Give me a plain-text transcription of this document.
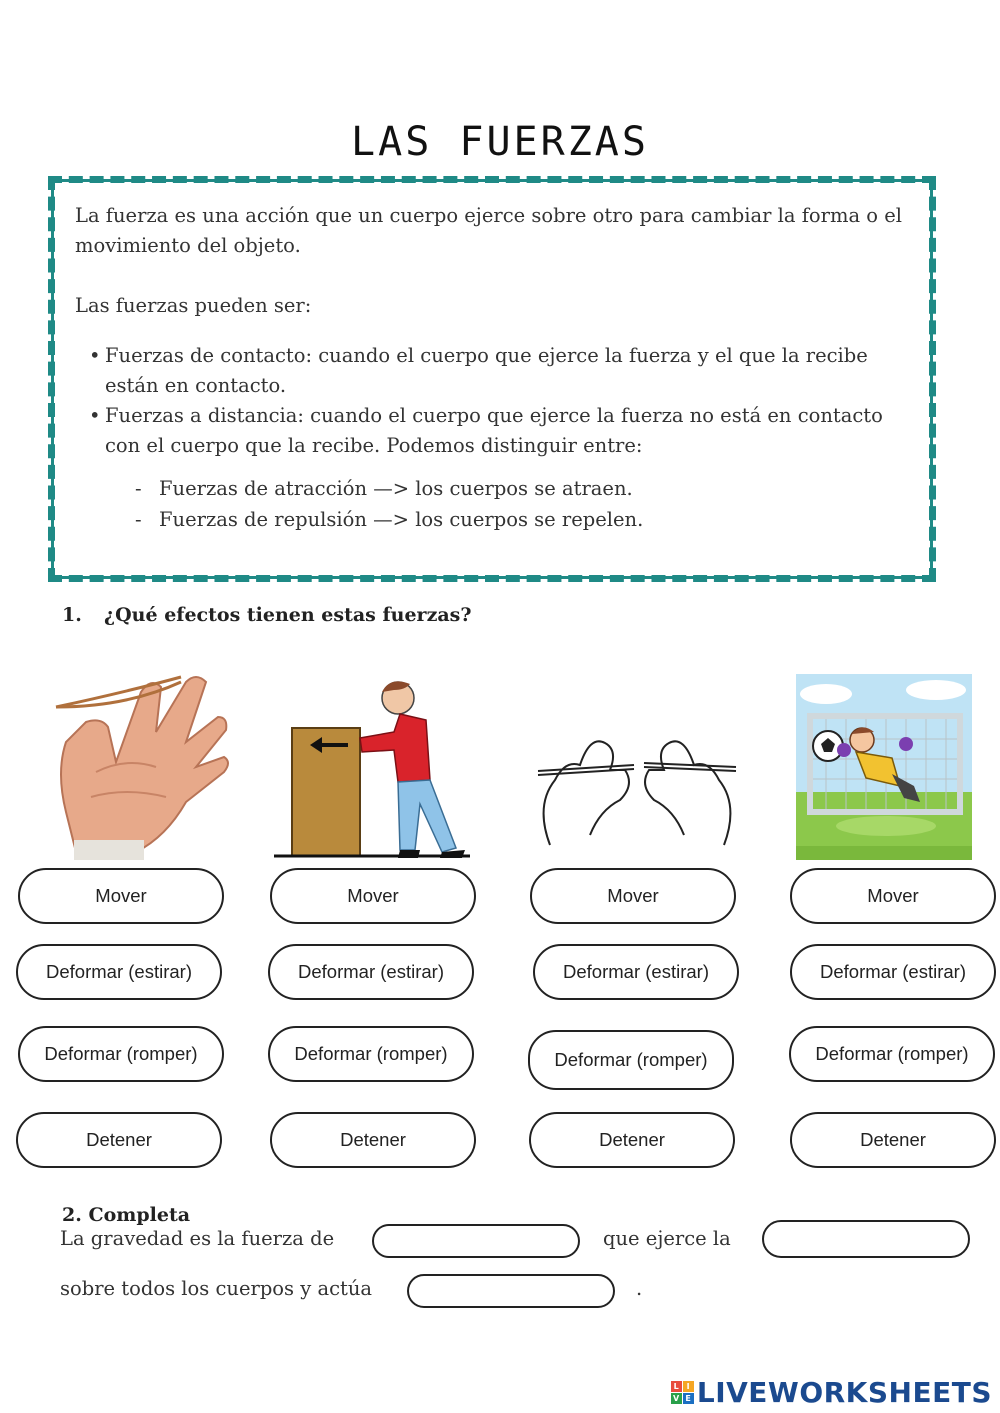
LAS FUERZAS

La fuerza es una acción que un cuerpo ejerce sobre otro para cambiar la forma o el movimiento del objeto.

Las fuerzas pueden ser:

• Fuerzas de contacto: cuando el cuerpo que ejerce la fuerza y el que la recibe están en contacto.
• Fuerzas a distancia: cuando el cuerpo que ejerce la fuerza no está en contacto con el cuerpo que la recibe. Podemos distinguir entre:
- Fuerzas de atracción —> los cuerpos se atraen.
- Fuerzas de repulsión —> los cuerpos se repelen.
1. ¿Qué efectos tienen estas fuerzas?
Mover
Deformar (estirar)
Deformar (romper)
Detener
Mover
Deformar (estirar)
Deformar (romper)
Detener
Mover
Deformar (estirar)
Deformar (romper)
Detener
Mover
Deformar (estirar)
Deformar (romper)
Detener
2. Completa
La gravedad es la fuerza de	que ejerce la
sobre todos los cuerpos y actúa	.
L I
V E LIVEWORKSHEETS
